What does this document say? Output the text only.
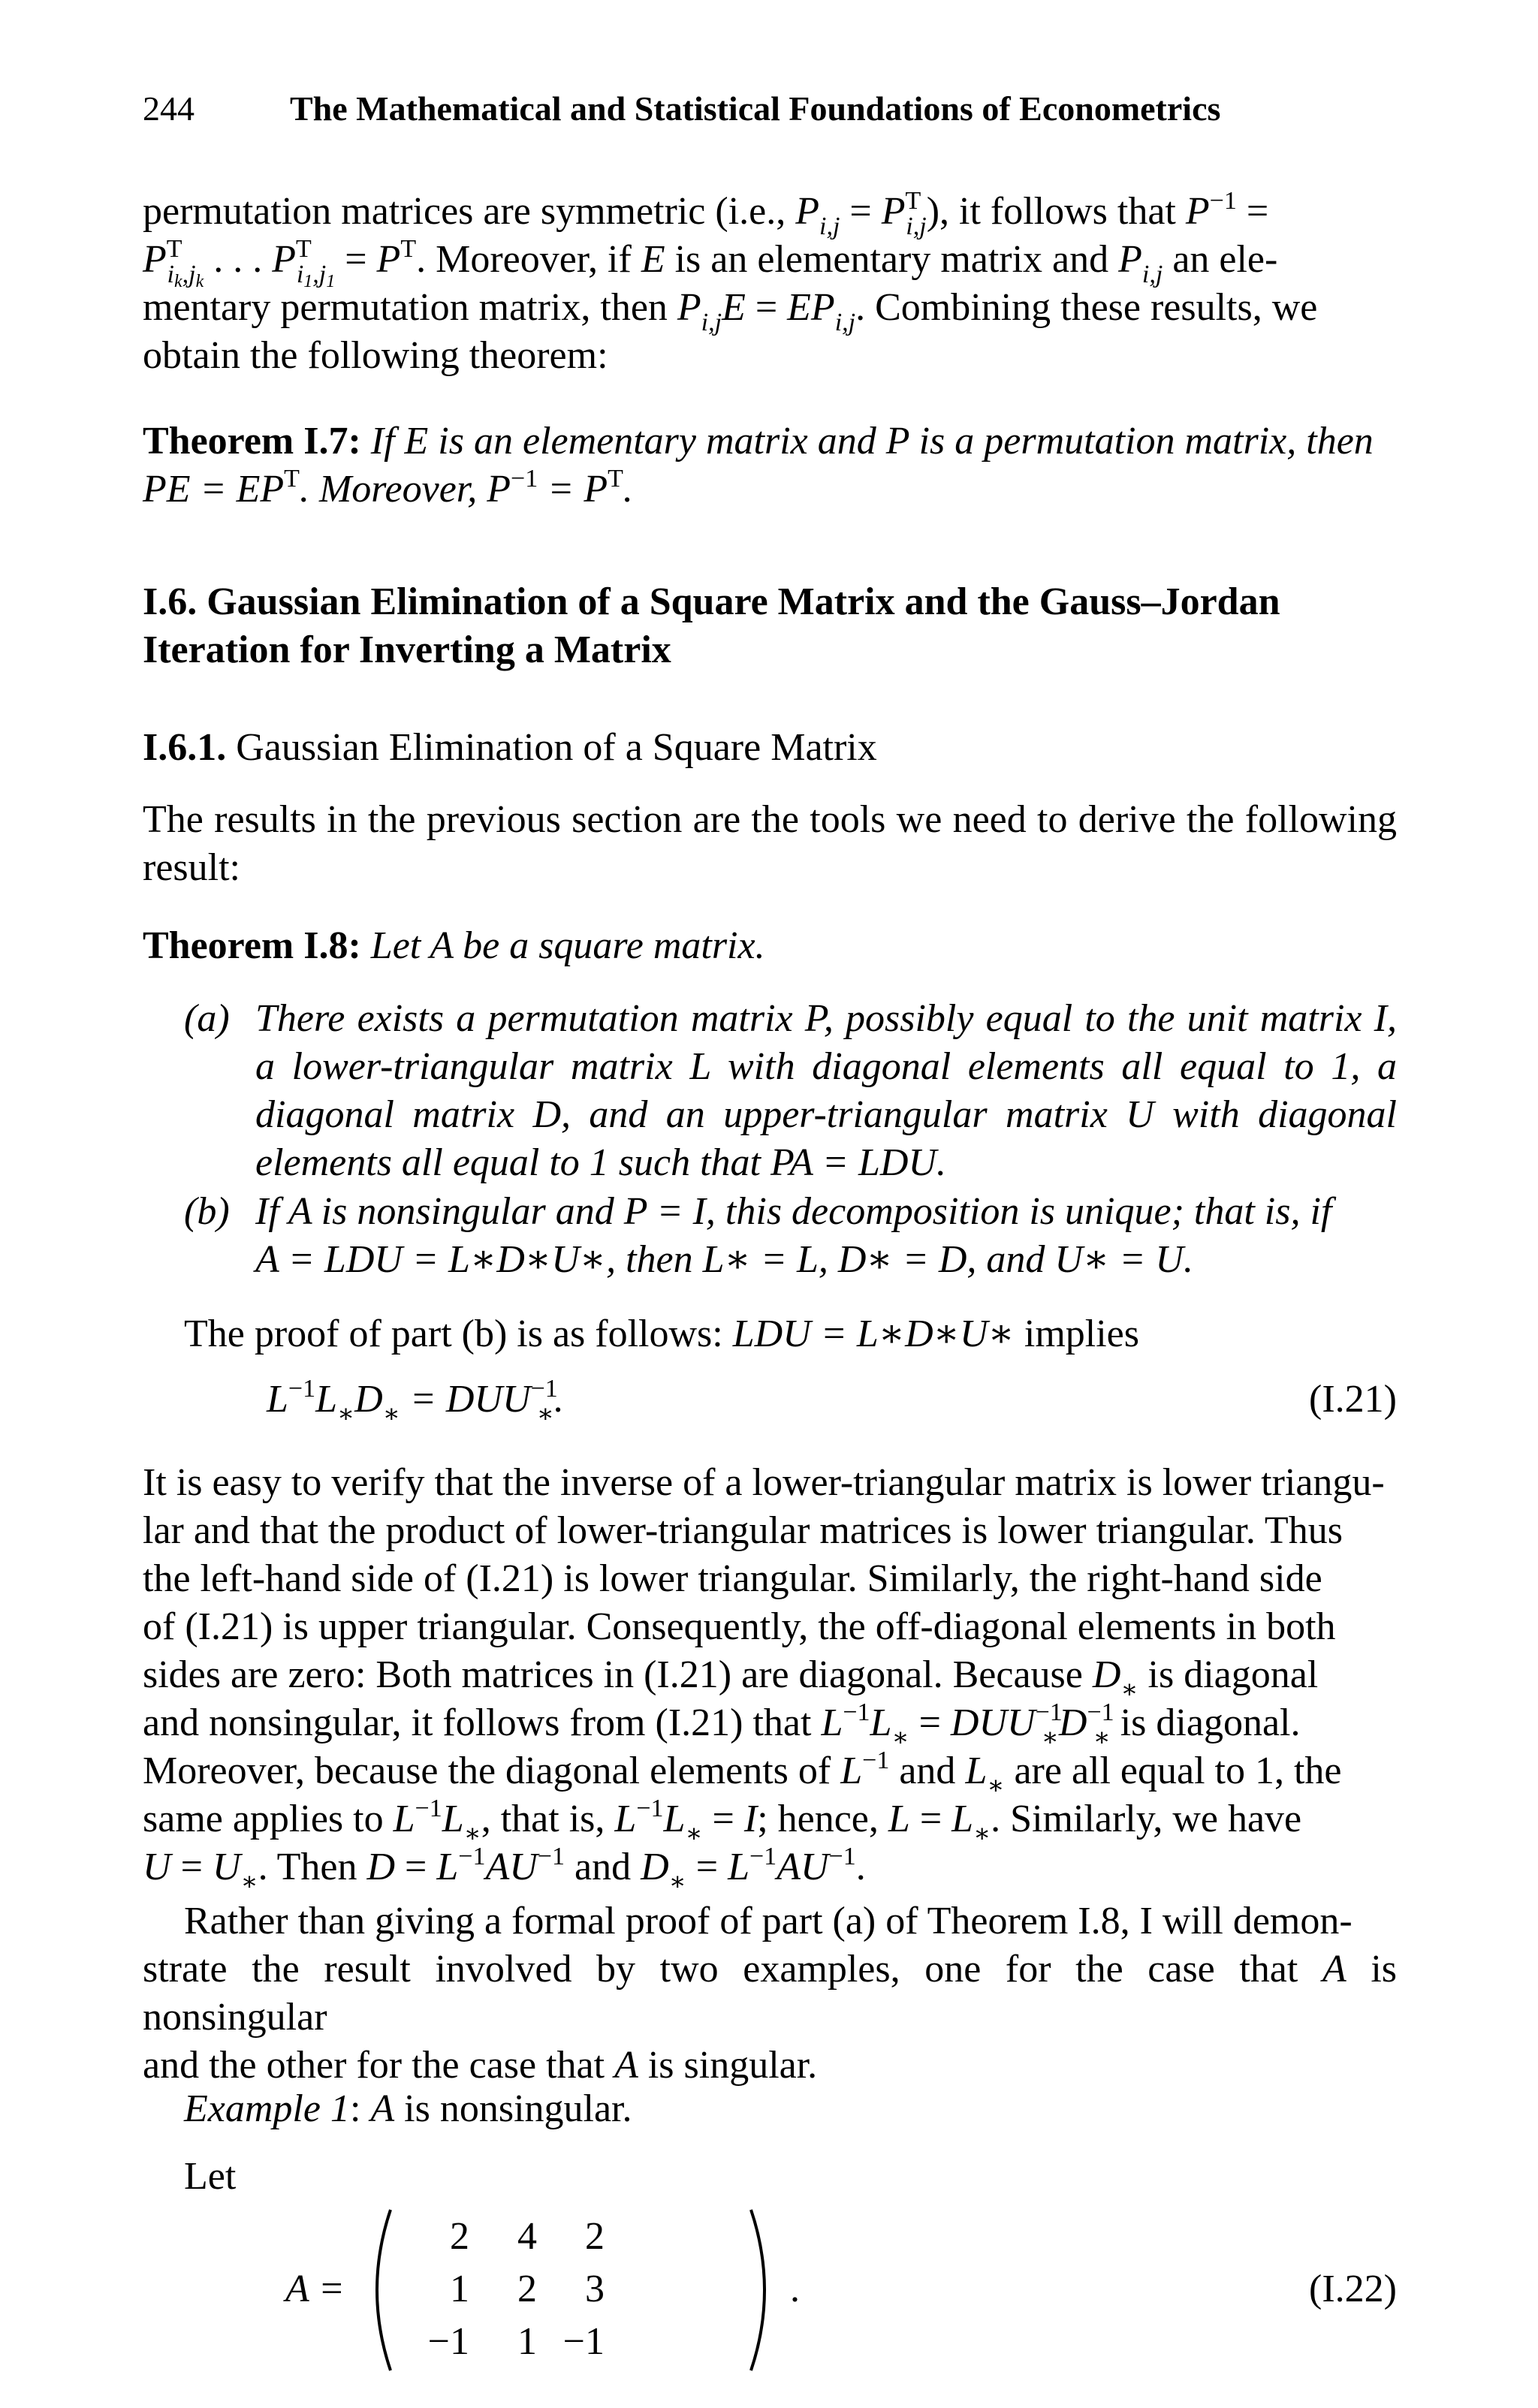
244	The Mathematical and Statistical Foundations of Econometrics
permutation matrices are symmetric (i.e., $P_{i,j} = P^T_{i,j}$), it follows that $P^{-1}$ =
$P^T_{i_k,j_k}$ . . . $P^T_{i_1,j_1} = P^T$. Moreover, if E is an elementary matrix and $P_{i,j}$ an ele-
mentary permutation matrix, then $P_{i,j}E = EP_{i,j}$. Combining these results, we
obtain the following theorem:
Theorem I.7: If E is an elementary matrix and P is a permutation matrix, then
PE = $EP^T$. Moreover, $P^{-1} = P^T$.
I.6. Gaussian Elimination of a Square Matrix and the Gauss–Jordan
Iteration for Inverting a Matrix
I.6.1. Gaussian Elimination of a Square Matrix
The results in the previous section are the tools we need to derive the following result:
Theorem I.8: Let A be a square matrix.
(a) There exists a permutation matrix P, possibly equal to the unit matrix I, a lower-triangular matrix L with diagonal elements all equal to 1, a diagonal matrix D, and an upper-triangular matrix U with diagonal elements all equal to 1 such that PA = LDU.
(b) If A is nonsingular and P = I, this decomposition is unique; that is, if
A = LDU = L∗D∗U∗, then L∗ = L, D∗ = D, and U∗ = U.
The proof of part (b) is as follows: LDU = L∗D∗U∗ implies
$L^{-1}L_∗D_∗ = DUU^{-1}_∗$.	(I.21)
It is easy to verify that the inverse of a lower-triangular matrix is lower triangu-
lar and that the product of lower-triangular matrices is lower triangular. Thus
the left-hand side of (I.21) is lower triangular. Similarly, the right-hand side
of (I.21) is upper triangular. Consequently, the off-diagonal elements in both
sides are zero: Both matrices in (I.21) are diagonal. Because $D_∗$ is diagonal
and nonsingular, it follows from (I.21) that $L^{-1}L_∗ = DUU^{-1}_∗D^{-1}_∗$ is diagonal.
Moreover, because the diagonal elements of $L^{-1}$ and $L_∗$ are all equal to 1, the
same applies to $L^{-1}L_∗$, that is, $L^{-1}L_∗ = I$; hence, $L = L_∗$. Similarly, we have
$U = U_∗$. Then $D = L^{-1}AU^{-1}$ and $D_∗ = L^{-1}AU^{-1}$.
Rather than giving a formal proof of part (a) of Theorem I.8, I will demon-
strate the result involved by two examples, one for the case that A is nonsingular
and the other for the case that A is singular.
Example 1: A is nonsingular.
Let
A =
2	4	2
1	2	3
−1	1 −1
.	(I.22)
